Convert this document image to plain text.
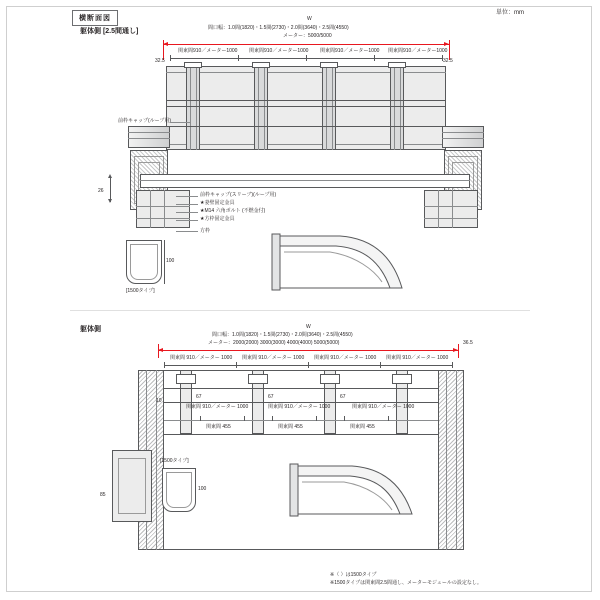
横断面図
躯体側 [2.5間通し]
単位：mm
W
間口幅：1.0間(1820)・1.5間(2730)・2.0間(3640)・2.5間(4550)
メーター：5000/5000
関東間910／メーター1000 関東間910／メーター1000 関東間910／メーター1000 関東間910／メーター1000
32.5	32.5
26
前枠キャップ(ループ用)
前枠キャップ(スリーブ)(ループ用)
★妻壁固定金具
★M14 六角ボルト (不燃金付)
★方枠固定金具
方枠
100
[1500タイプ]
躯体側	W
間口幅：1.0間(1820)・1.5間(2730)・2.0間(3640)・2.5間(4550)
メーター：2000(2000) 3000(3000) 4000(4000) 5000(5000)
関東間 910／メーター 1000 関東間 910／メーター 1000 関東間 910／メーター 1000 関東間 910／メーター 1000
36.5
10
関東間 910／メーター 1000	関東間 910／メーター 1000	関東間 910／メーター 1000
67	67	67
関東間 455	関東間 455	関東間 455
85
100
[1500タイプ]
※（ ）は1500タイプ
※1500タイプは関東間2.5間通し、メーターモジュールの設定なし。
